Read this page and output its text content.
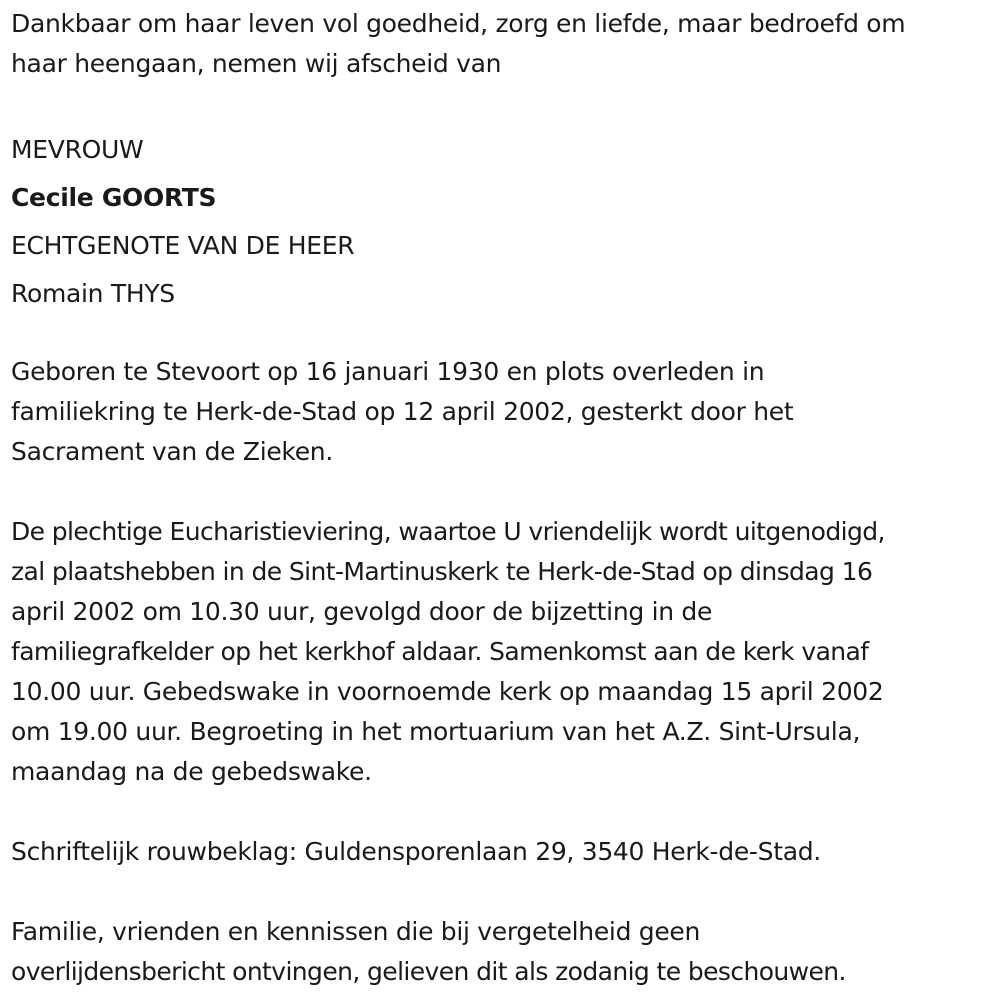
Dankbaar om haar leven vol goedheid, zorg en liefde, maar bedroefd om

haar heengaan, nemen wij afscheid van

MEVROUW

Cecile GOORTS

ECHTGENOTE VAN DE HEER

Romain THYS

Geboren te Stevoort op 16 januari 1930 en plots overleden in

familiekring te Herk-de-Stad op 12 april 2002, gesterkt door het

Sacrament van de Zieken.

De plechtige Eucharistieviering, waartoe U vriendelijk wordt uitgenodigd,

zal plaatshebben in de Sint-Martinuskerk te Herk-de-Stad op dinsdag 16

april 2002 om 10.30 uur, gevolgd door de bijzetting in de

familiegrafkelder op het kerkhof aldaar. Samenkomst aan de kerk vanaf

10.00 uur. Gebedswake in voornoemde kerk op maandag 15 april 2002

om 19.00 uur. Begroeting in het mortuarium van het A.Z. Sint-Ursula,

maandag na de gebedswake.

Schriftelijk rouwbeklag: Guldensporenlaan 29, 3540 Herk-de-Stad.

Familie, vrienden en kennissen die bij vergetelheid geen

overlijdensbericht ontvingen, gelieven dit als zodanig te beschouwen.
